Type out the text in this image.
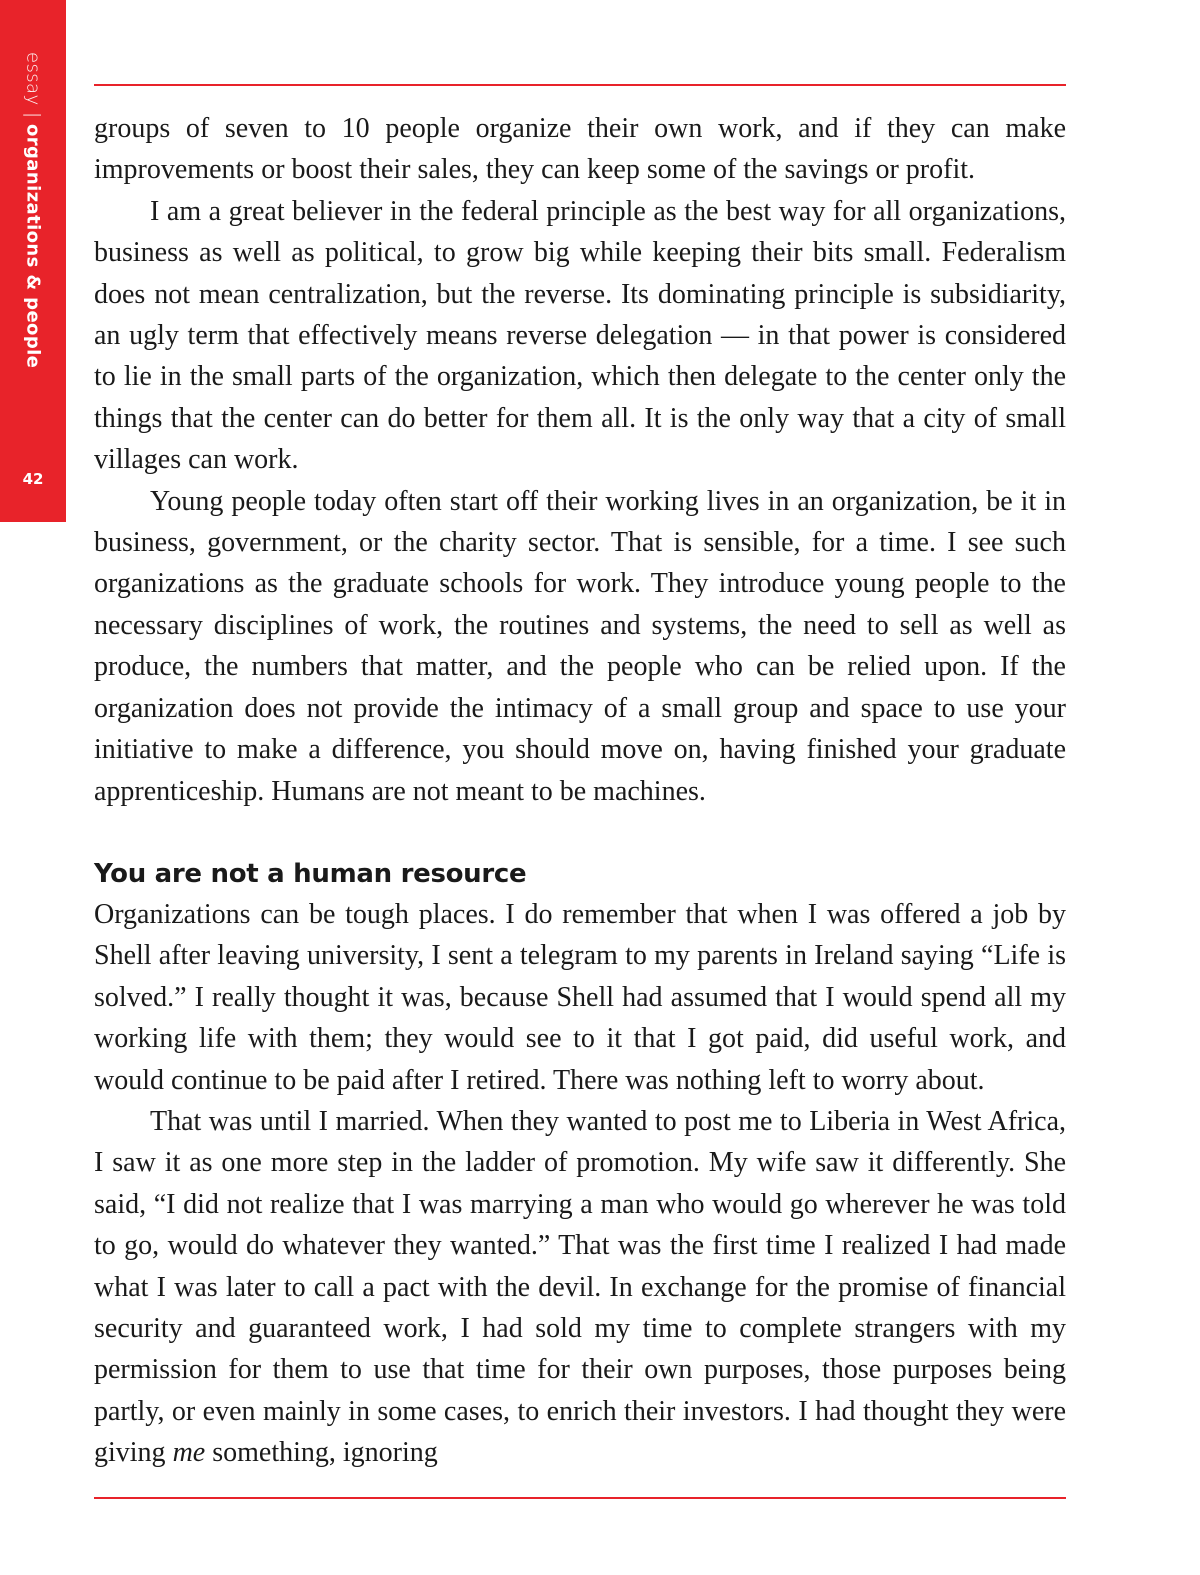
essay|organizations & people
42

groups of seven to 10 people organize their own work, and if they can make improvements or boost their sales, they can keep some of the savings or profit.

I am a great believer in the federal principle as the best way for all organizations, business as well as political, to grow big while keeping their bits small. Federalism does not mean centralization, but the reverse. Its dominating principle is subsidiarity, an ugly term that effectively means reverse delegation — in that power is considered to lie in the small parts of the organization, which then delegate to the center only the things that the center can do better for them all. It is the only way that a city of small villages can work.

Young people today often start off their working lives in an organization, be it in business, government, or the charity sector. That is sensible, for a time. I see such organizations as the graduate schools for work. They introduce young people to the necessary disciplines of work, the routines and systems, the need to sell as well as produce, the numbers that matter, and the people who can be relied upon. If the organization does not provide the intimacy of a small group and space to use your initiative to make a difference, you should move on, having finished your graduate apprenticeship. Humans are not meant to be machines.

You are not a human resource

Organizations can be tough places. I do remember that when I was offered a job by Shell after leaving university, I sent a telegram to my parents in Ireland saying “Life is solved.” I really thought it was, because Shell had assumed that I would spend all my working life with them; they would see to it that I got paid, did useful work, and would continue to be paid after I retired. There was nothing left to worry about.

That was until I married. When they wanted to post me to Liberia in West Africa, I saw it as one more step in the ladder of promotion. My wife saw it differently. She said, “I did not realize that I was marrying a man who would go wherever he was told to go, would do whatever they wanted.” That was the first time I realized I had made what I was later to call a pact with the devil. In exchange for the promise of financial security and guaranteed work, I had sold my time to complete strangers with my permission for them to use that time for their own purposes, those purposes being partly, or even mainly in some cases, to enrich their investors. I had thought they were giving me something, ignoring
